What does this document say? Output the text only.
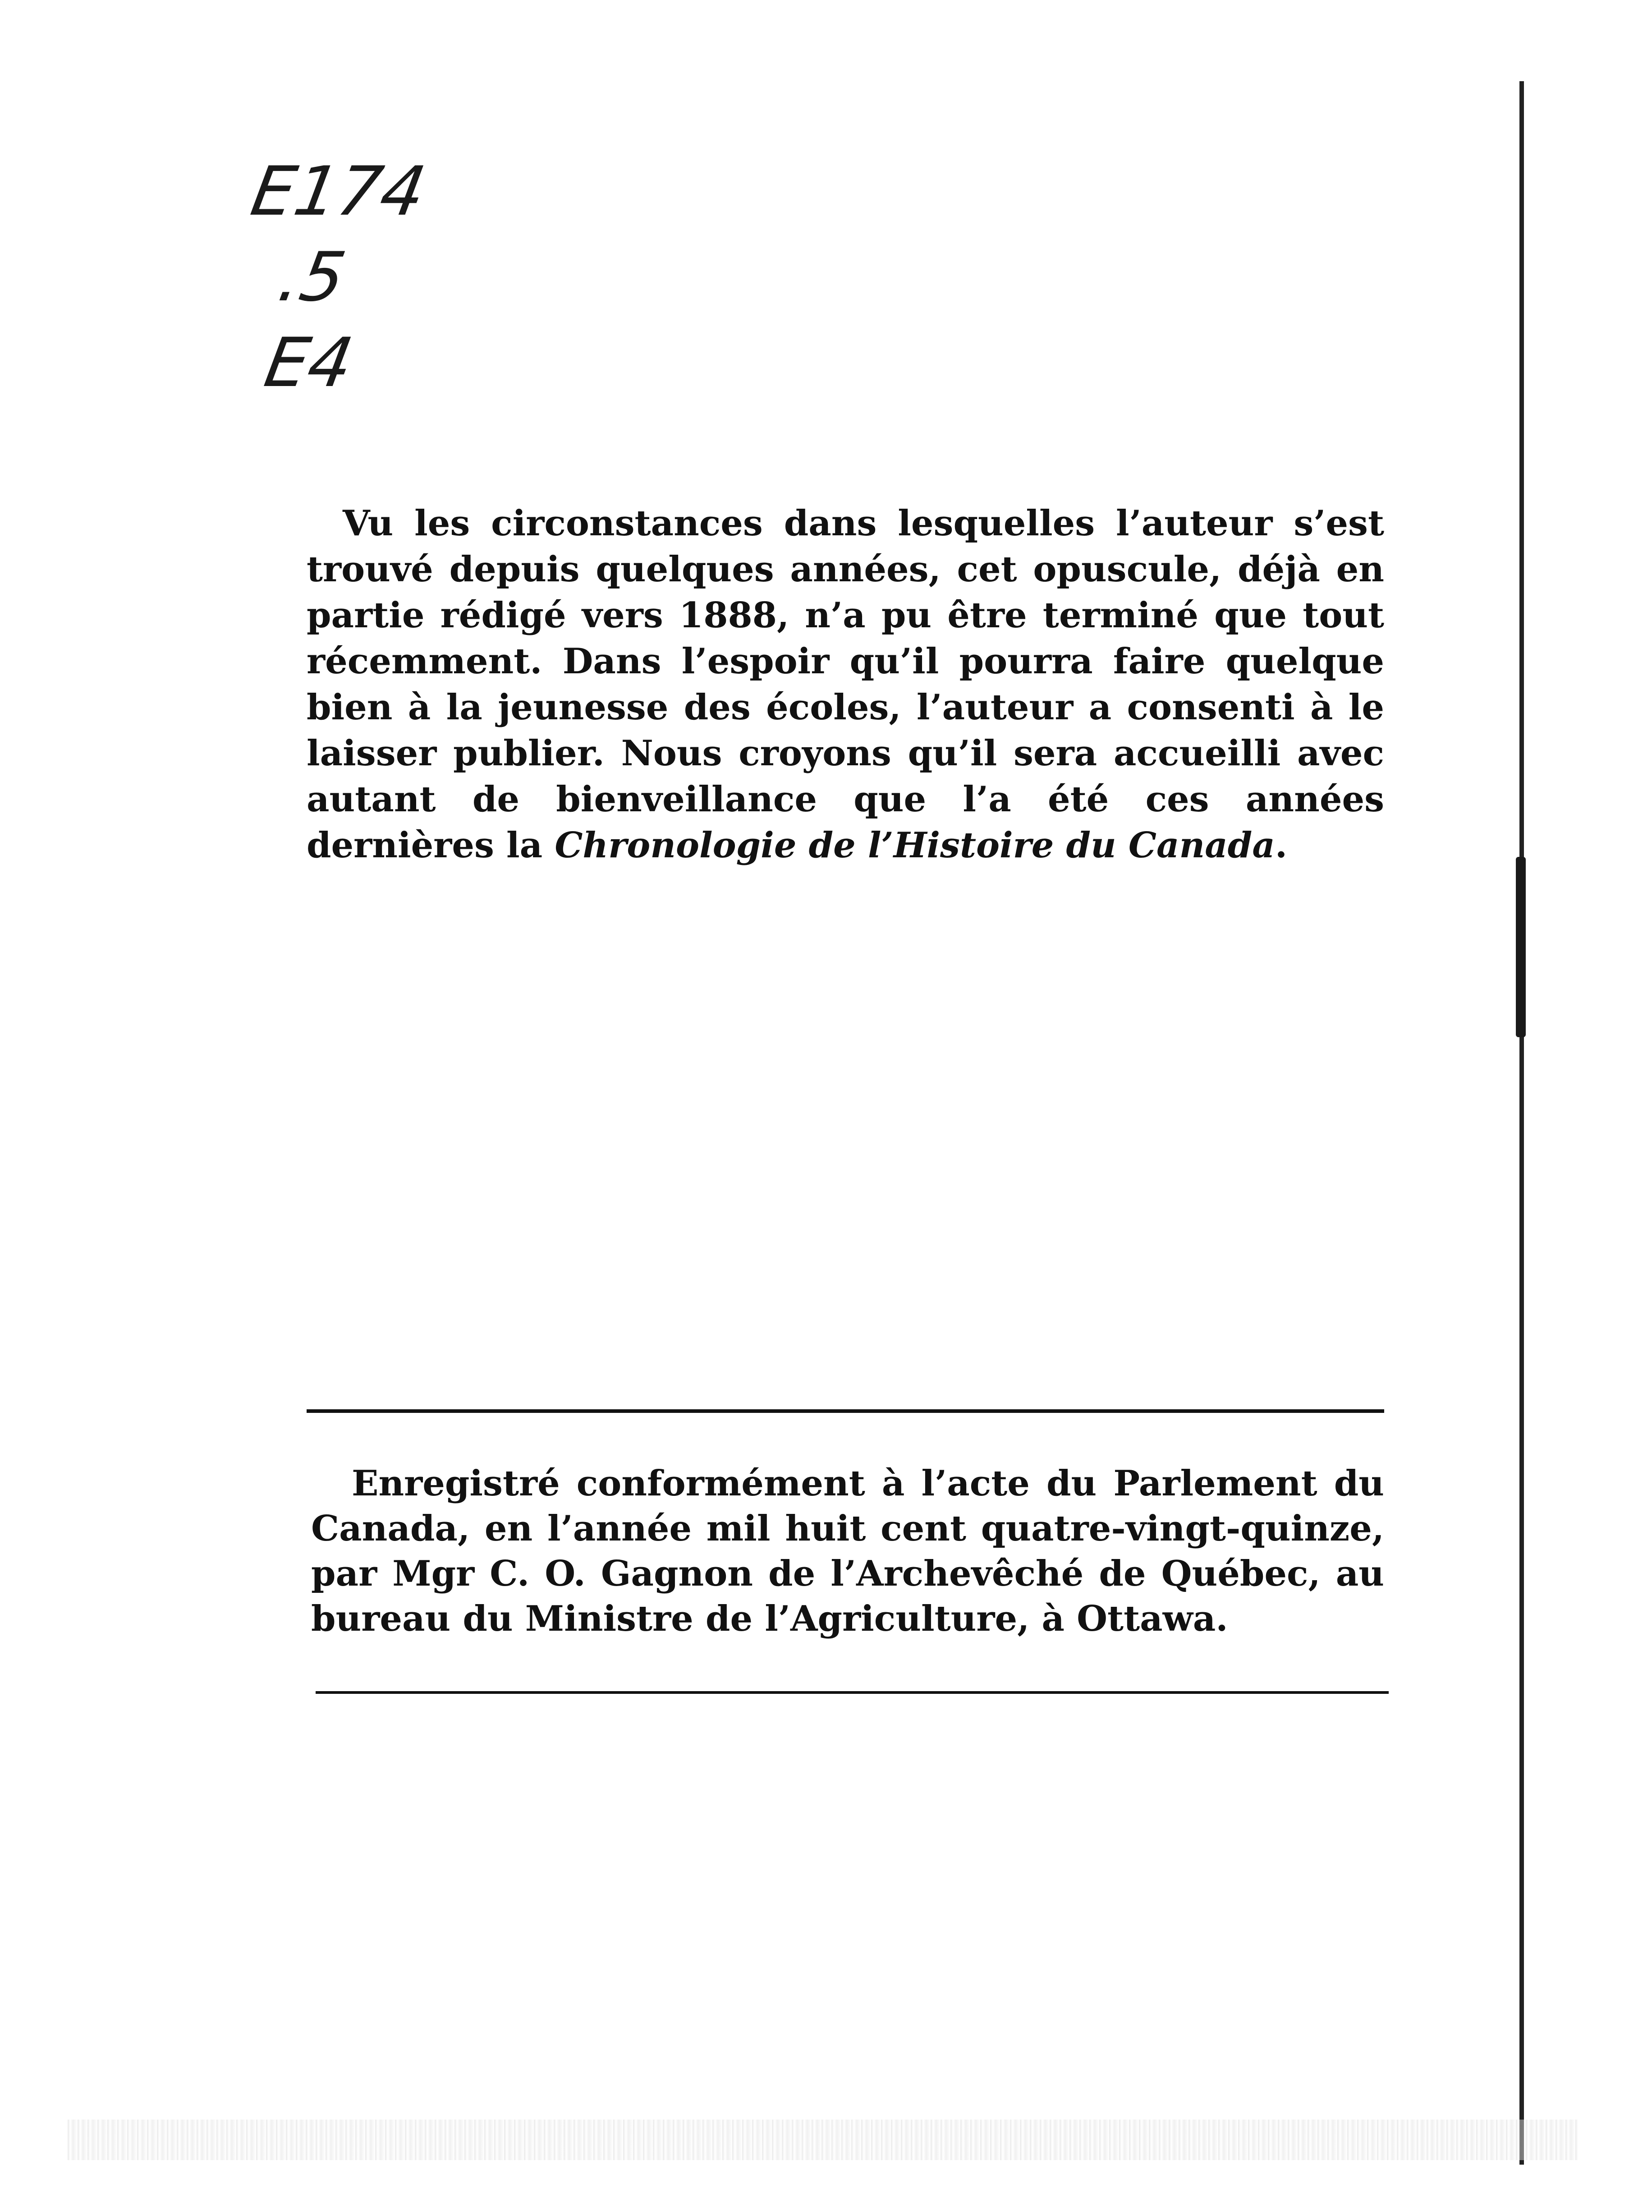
E174
.5
E4

Vu les circonstances dans lesquelles l’auteur s’est trouvé depuis quelques années, cet opuscule, déjà en partie rédigé vers 1888, n’a pu être terminé que tout récemment. Dans l’espoir qu’il pourra faire quelque bien à la jeunesse des écoles, l’auteur a consenti à le laisser publier. Nous croyons qu’il sera accueilli avec autant de bienveillance que l’a été ces années dernières la Chronologie de l’Histoire du Canada.

Enregistré conformément à l’acte du Parlement du Canada, en l’année mil huit cent quatre-vingt-quinze, par Mgr C. O. Gagnon de l’Archevêché de Québec, au bureau du Ministre de l’Agriculture, à Ottawa.
